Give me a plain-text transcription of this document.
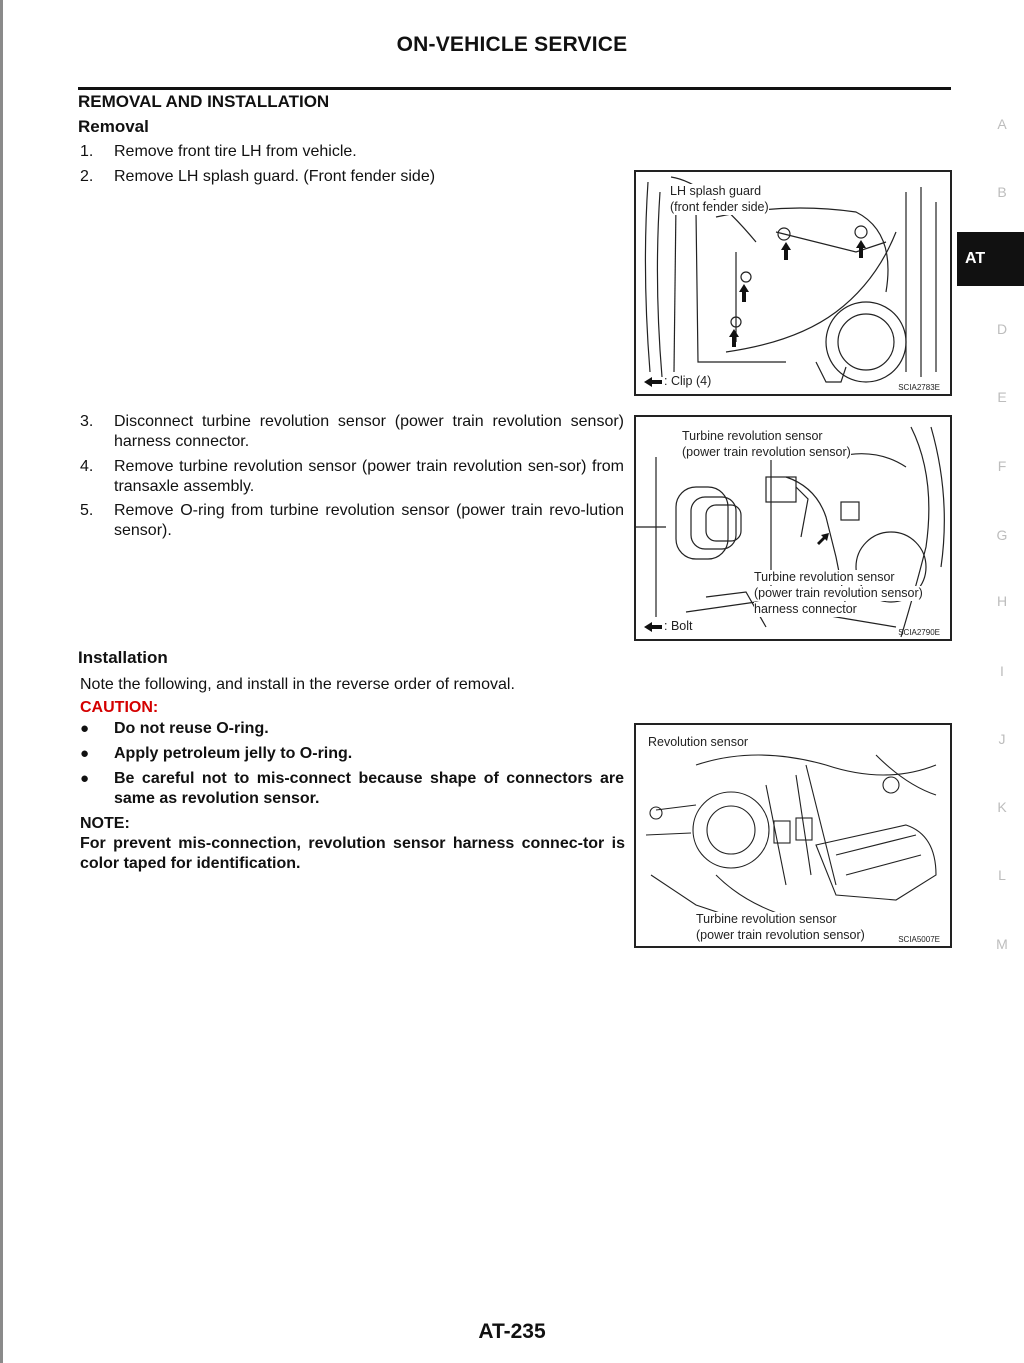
ON-VEHICLE SERVICE
REMOVAL AND INSTALLATION
Removal
1.	Remove front tire LH from vehicle.
2.	Remove LH splash guard. (Front fender side)
3.	Disconnect turbine revolution sensor (power train revolution sensor) harness connector.
4.	Remove turbine revolution sensor (power train revolution sen-sor) from transaxle assembly.
5.	Remove O-ring from turbine revolution sensor (power train revo-lution sensor).
Installation
Note the following, and install in the reverse order of removal.
CAUTION:
● Do not reuse O-ring.
● Apply petroleum jelly to O-ring.
● Be careful not to mis-connect because shape of connectors are same as revolution sensor.
NOTE:
For prevent mis-connection, revolution sensor harness connec-tor is color taped for identification.
LH splash guard
(front fender side)
: Clip (4)	SCIA2783E
Turbine revolution sensor
(power train revolution sensor)
Turbine revolution sensor
(power train revolution sensor)
harness connector
: Bolt	SCIA2790E
Revolution sensor
Turbine revolution sensor
(power train revolution sensor)	SCIA5007E
A
B
AT
D
E
F
G
H
I
J
K
L
M
AT-235
